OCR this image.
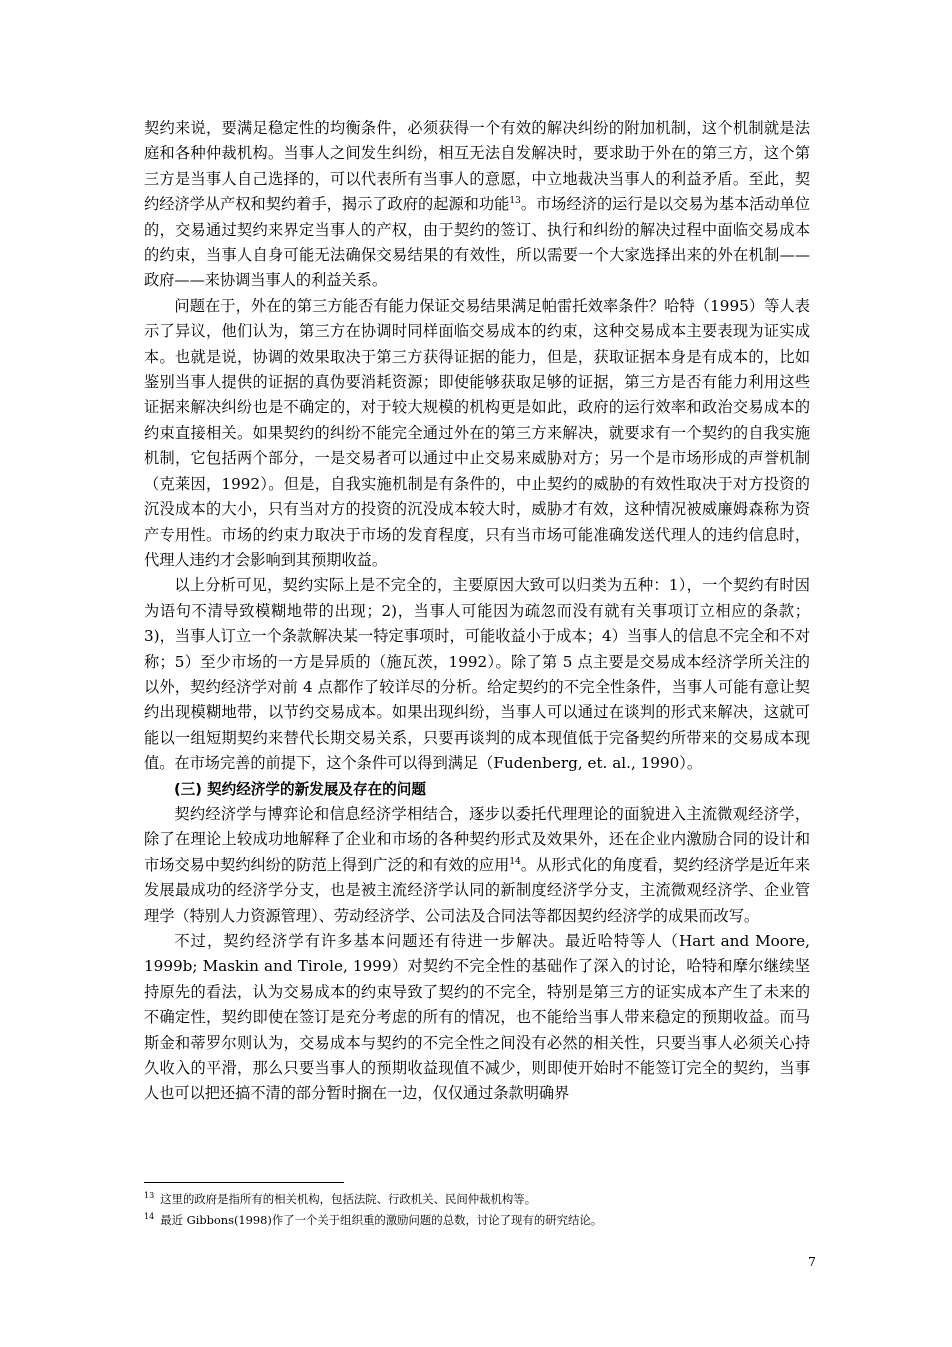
契约来说，要满足稳定性的均衡条件，必须获得一个有效的解决纠纷的附加机制，这个机制就是法庭和各种仲裁机构。当事人之间发生纠纷，相互无法自发解决时，要求助于外在的第三方，这个第三方是当事人自己选择的，可以代表所有当事人的意愿，中立地裁决当事人的利益矛盾。至此，契约经济学从产权和契约着手，揭示了政府的起源和功能$^{13}$。市场经济的运行是以交易为基本活动单位的，交易通过契约来界定当事人的产权，由于契约的签订、执行和纠纷的解决过程中面临交易成本的约束，当事人自身可能无法确保交易结果的有效性，所以需要一个大家选择出来的外在机制——政府——来协调当事人的利益关系。

问题在于，外在的第三方能否有能力保证交易结果满足帕雷托效率条件？哈特（1995）等人表示了异议，他们认为，第三方在协调时同样面临交易成本的约束，这种交易成本主要表现为证实成本。也就是说，协调的效果取决于第三方获得证据的能力，但是，获取证据本身是有成本的，比如鉴别当事人提供的证据的真伪要消耗资源；即使能够获取足够的证据，第三方是否有能力利用这些证据来解决纠纷也是不确定的，对于较大规模的机构更是如此，政府的运行效率和政治交易成本的约束直接相关。如果契约的纠纷不能完全通过外在的第三方来解决，就要求有一个契约的自我实施机制，它包括两个部分，一是交易者可以通过中止交易来威胁对方；另一个是市场形成的声誉机制（克莱因，1992）。但是，自我实施机制是有条件的，中止契约的威胁的有效性取决于对方投资的沉没成本的大小，只有当对方的投资的沉没成本较大时，威胁才有效，这种情况被威廉姆森称为资产专用性。市场的约束力取决于市场的发育程度，只有当市场可能准确发送代理人的违约信息时，代理人违约才会影响到其预期收益。

以上分析可见，契约实际上是不完全的，主要原因大致可以归类为五种：1），一个契约有时因为语句不清导致模糊地带的出现；2)，当事人可能因为疏忽而没有就有关事项订立相应的条款；3)，当事人订立一个条款解决某一特定事项时，可能收益小于成本；4）当事人的信息不完全和不对称；5）至少市场的一方是异质的（施瓦茨，1992）。除了第 5 点主要是交易成本经济学所关注的以外，契约经济学对前 4 点都作了较详尽的分析。给定契约的不完全性条件，当事人可能有意让契约出现模糊地带，以节约交易成本。如果出现纠纷，当事人可以通过在谈判的形式来解决，这就可能以一组短期契约来替代长期交易关系，只要再谈判的成本现值低于完备契约所带来的交易成本现值。在市场完善的前提下，这个条件可以得到满足（Fudenberg, et. al., 1990）。

(三) 契约经济学的新发展及存在的问题

契约经济学与博弈论和信息经济学相结合，逐步以委托代理理论的面貌进入主流微观经济学，除了在理论上较成功地解释了企业和市场的各种契约形式及效果外，还在企业内激励合同的设计和市场交易中契约纠纷的防范上得到广泛的和有效的应用$^{14}$。从形式化的角度看，契约经济学是近年来发展最成功的经济学分支，也是被主流经济学认同的新制度经济学分支，主流微观经济学、企业管理学（特别人力资源管理）、劳动经济学、公司法及合同法等都因契约经济学的成果而改写。

不过，契约经济学有许多基本问题还有待进一步解决。最近哈特等人（Hart and Moore, 1999b; Maskin and Tirole, 1999）对契约不完全性的基础作了深入的讨论，哈特和摩尔继续坚持原先的看法，认为交易成本的约束导致了契约的不完全，特别是第三方的证实成本产生了未来的不确定性，契约即使在签订是充分考虑的所有的情况，也不能给当事人带来稳定的预期收益。而马斯金和蒂罗尔则认为，交易成本与契约的不完全性之间没有必然的相关性，只要当事人必须关心持久收入的平滑，那么只要当事人的预期收益现值不减少，则即使开始时不能签订完全的契约，当事人也可以把还搞不清的部分暂时搁在一边，仅仅通过条款明确界

$^{13}$ 这里的政府是指所有的相关机构，包括法院、行政机关、民间仲裁机构等。

$^{14}$ 最近 Gibbons(1998)作了一个关于组织重的激励问题的总数，讨论了现有的研究结论。

7
